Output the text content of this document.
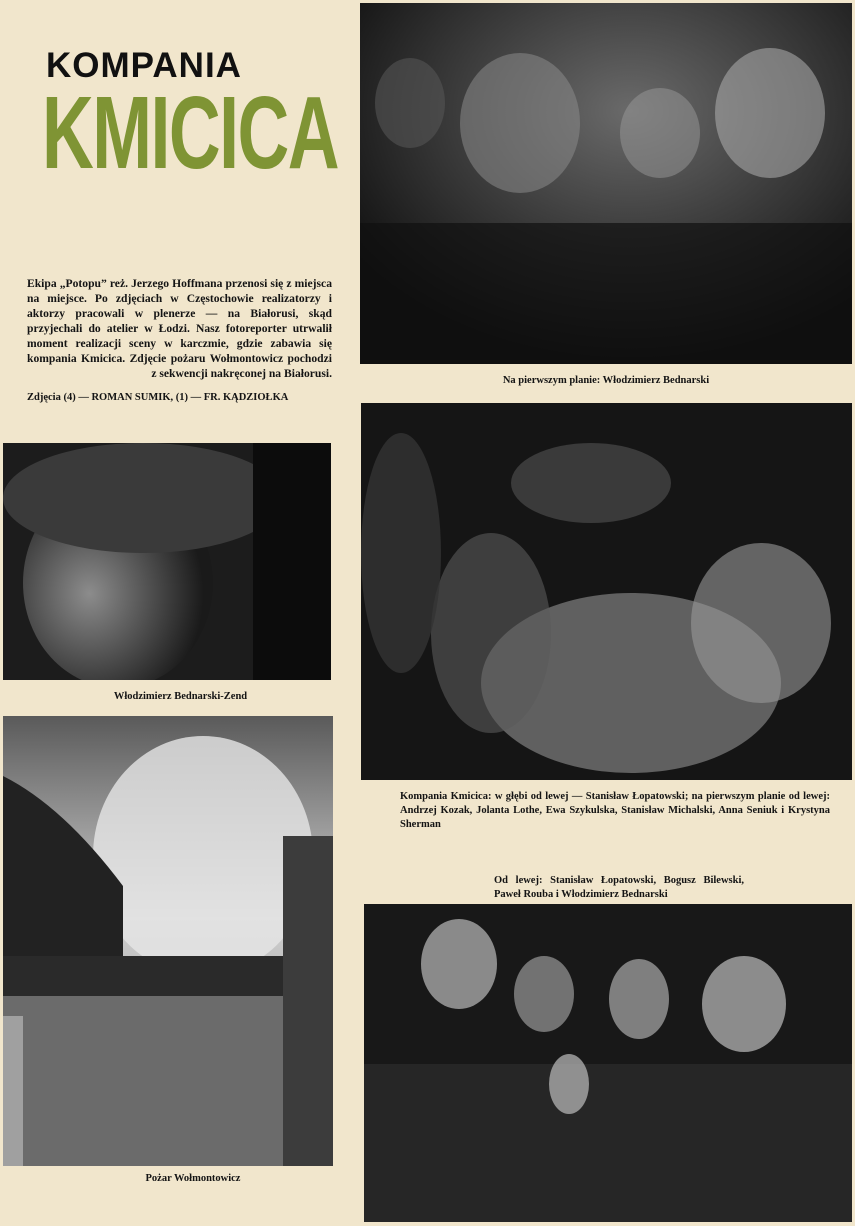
KOMPANIA
KMICICA

Ekipa „Potopu” reż. Jerzego Hoffmana przenosi się z miejsca na miejsce. Po zdjęciach w Częstochowie realizatorzy i aktorzy pracowali w plenerze — na Białorusi, skąd przyjechali do atelier w Łodzi. Nasz fotoreporter utrwalił moment realizacji sceny w karczmie, gdzie zabawia się kompania Kmicica. Zdjęcie pożaru Wołmontowicz pochodzi z sekwencji nakręconej na Białorusi.

Zdjęcia (4) — ROMAN SUMIK, (1) — FR. KĄDZIOŁKA

Na pierwszym planie: Włodzimierz Bednarski

Włodzimierz Bednarski-Zend

Pożar Wołmontowicz

Kompania Kmicica: w głębi od lewej — Stanisław Łopatowski; na pierwszym planie od lewej: Andrzej Kozak, Jolanta Lothe, Ewa Szykulska, Stanisław Michalski, Anna Seniuk i Krystyna Sherman

Od lewej: Stanisław Łopatowski, Bogusz Bilewski, Paweł Rouba i Włodzimierz Bednarski
